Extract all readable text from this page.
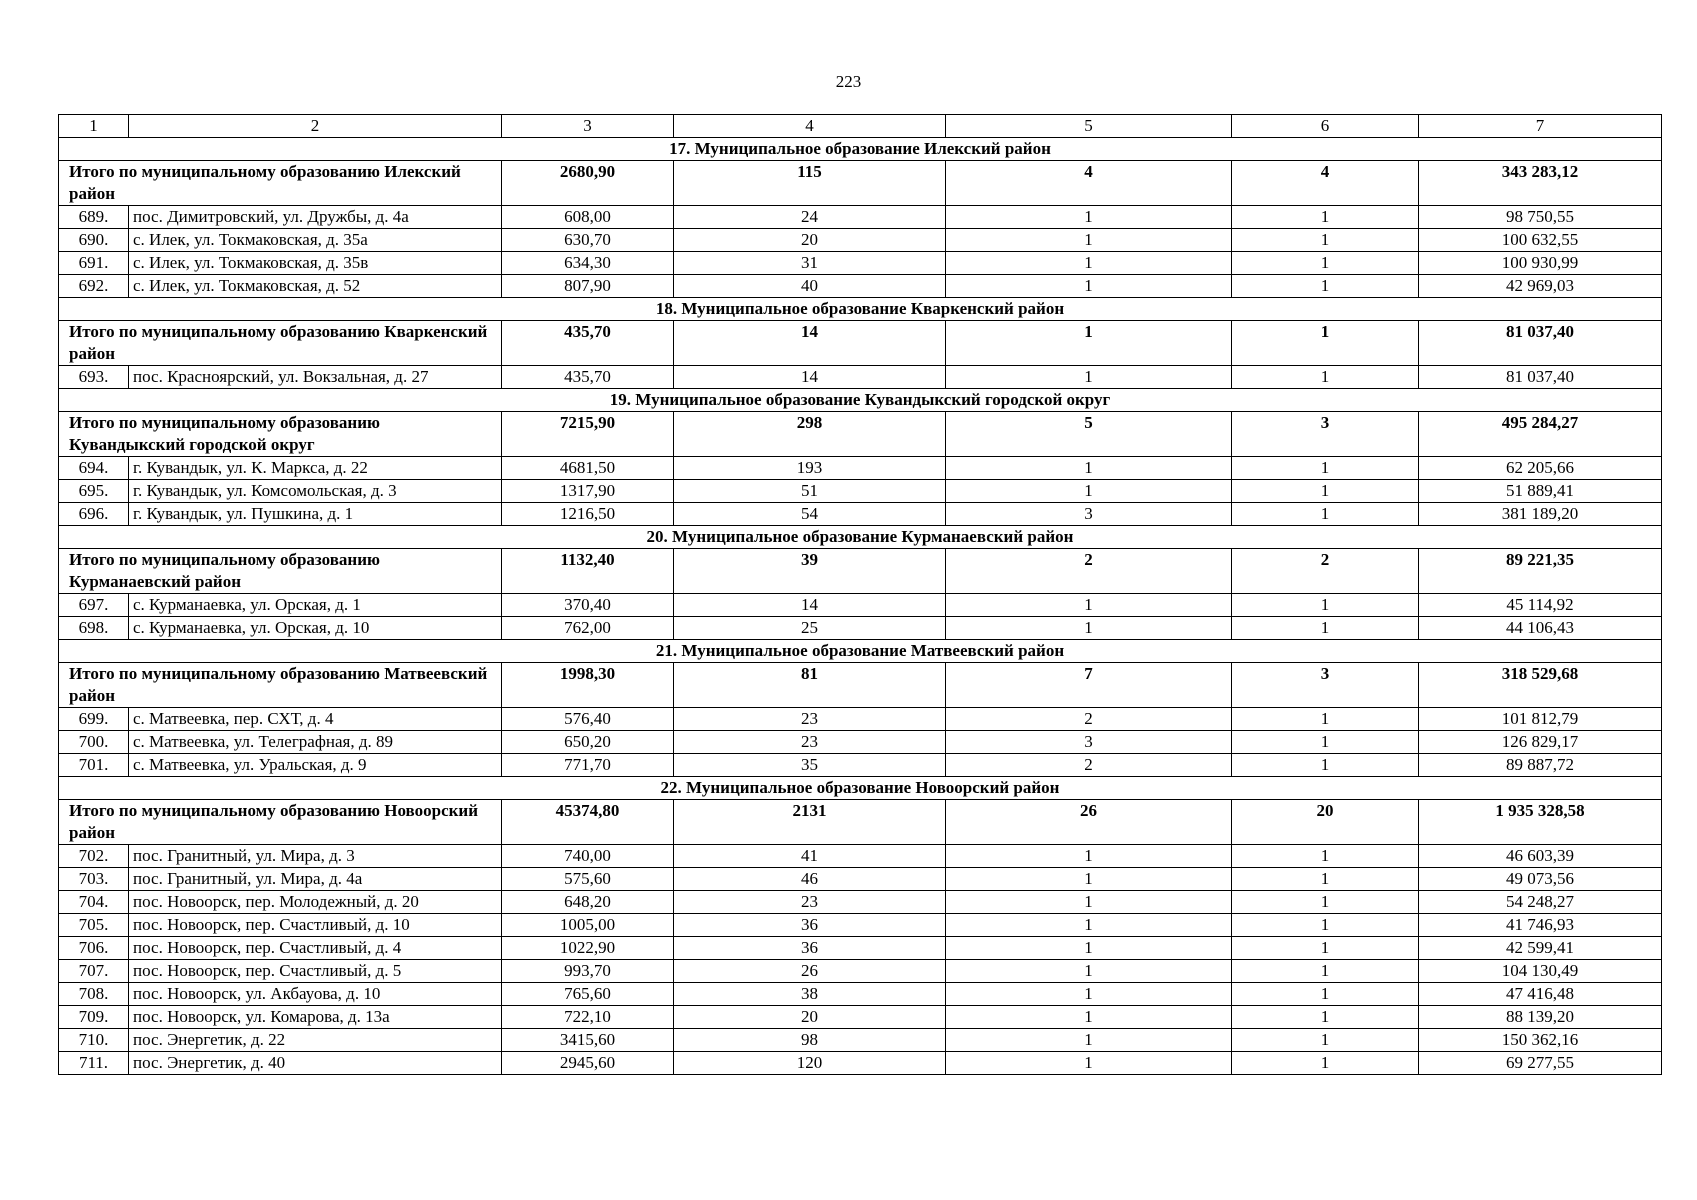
223
1	2	3	4	5	6	7
17. Муниципальное образование Илекский район						
Итого по муниципальному образованию Илекский район		2680,90	115	4	4	343 283,12
689.	пос. Димитровский, ул. Дружбы, д. 4а	608,00	24	1	1	98 750,55
690.	с. Илек, ул. Токмаковская, д. 35а	630,70	20	1	1	100 632,55
691.	с. Илек, ул. Токмаковская, д. 35в	634,30	31	1	1	100 930,99
692.	с. Илек, ул. Токмаковская, д. 52	807,90	40	1	1	42 969,03
18. Муниципальное образование Кваркенский район						
Итого по муниципальному образованию Кваркенский район		435,70	14	1	1	81 037,40
693.	пос. Красноярский, ул. Вокзальная, д. 27	435,70	14	1	1	81 037,40
19. Муниципальное образование Кувандыкский городской округ						
Итого по муниципальному образованию Кувандыкский городской округ		7215,90	298	5	3	495 284,27
694.	г. Кувандык, ул. К. Маркса, д. 22	4681,50	193	1	1	62 205,66
695.	г. Кувандык, ул. Комсомольская, д. 3	1317,90	51	1	1	51 889,41
696.	г. Кувандык, ул. Пушкина, д. 1	1216,50	54	3	1	381 189,20
20. Муниципальное образование Курманаевский район						
Итого по муниципальному образованию Курманаевский район		1132,40	39	2	2	89 221,35
697.	с. Курманаевка, ул. Орская, д. 1	370,40	14	1	1	45 114,92
698.	с. Курманаевка, ул. Орская, д. 10	762,00	25	1	1	44 106,43
21. Муниципальное образование Матвеевский район						
Итого по муниципальному образованию Матвеевский район		1998,30	81	7	3	318 529,68
699.	с. Матвеевка, пер. СХТ, д. 4	576,40	23	2	1	101 812,79
700.	с. Матвеевка, ул. Телеграфная, д. 89	650,20	23	3	1	126 829,17
701.	с. Матвеевка, ул. Уральская, д. 9	771,70	35	2	1	89 887,72
22. Муниципальное образование Новоорский район						
Итого по муниципальному образованию Новоорский район		45374,80	2131	26	20	1 935 328,58
702.	пос. Гранитный, ул. Мира, д. 3	740,00	41	1	1	46 603,39
703.	пос. Гранитный, ул. Мира, д. 4а	575,60	46	1	1	49 073,56
704.	пос. Новоорск, пер. Молодежный, д. 20	648,20	23	1	1	54 248,27
705.	пос. Новоорск, пер. Счастливый, д. 10	1005,00	36	1	1	41 746,93
706.	пос. Новоорск, пер. Счастливый, д. 4	1022,90	36	1	1	42 599,41
707.	пос. Новоорск, пер. Счастливый, д. 5	993,70	26	1	1	104 130,49
708.	пос. Новоорск, ул. Акбауова, д. 10	765,60	38	1	1	47 416,48
709.	пос. Новоорск, ул. Комарова, д. 13а	722,10	20	1	1	88 139,20
710.	пос. Энергетик, д. 22	3415,60	98	1	1	150 362,16
711.	пос. Энергетик, д. 40	2945,60	120	1	1	69 277,55
